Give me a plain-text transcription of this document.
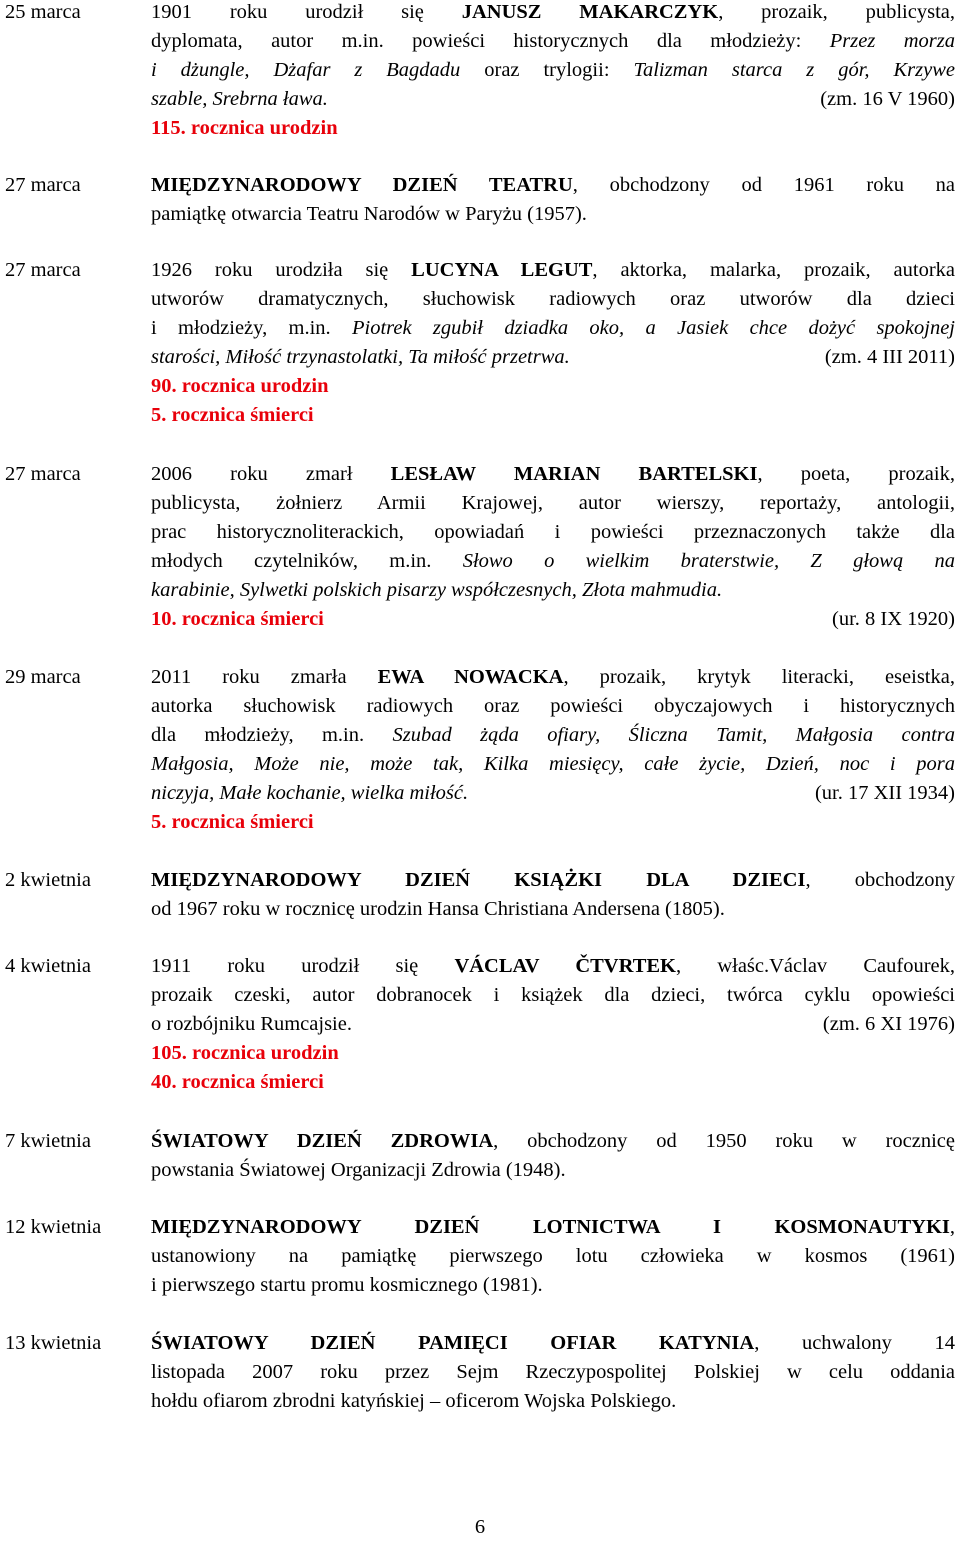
25 marca	1901 roku urodził się JANUSZ MAKARCZYK, prozaik, publicysta,
dyplomata, autor m.in. powieści historycznych dla młodzieży: Przez morza
i dżungle, Dżafar z Bagdadu oraz trylogii: Talizman starca z gór, Krzywe
szable, Srebrna ława.	(zm. 16 V 1960)
115. rocznica urodzin
27 marca	MIĘDZYNARODOWY DZIEŃ TEATRU, obchodzony od 1961 roku na
pamiątkę otwarcia Teatru Narodów w Paryżu (1957).
27 marca	1926 roku urodziła się LUCYNA LEGUT, aktorka, malarka, prozaik, autorka
utworów dramatycznych, słuchowisk radiowych oraz utworów dla dzieci
i młodzieży, m.in. Piotrek zgubił dziadka oko, a Jasiek chce dożyć spokojnej
starości, Miłość trzynastolatki, Ta miłość przetrwa.	(zm. 4 III 2011)
90. rocznica urodzin
5. rocznica śmierci
27 marca	2006 roku zmarł LESŁAW MARIAN BARTELSKI, poeta, prozaik,
publicysta, żołnierz Armii Krajowej, autor wierszy, reportaży, antologii,
prac historycznoliterackich, opowiadań i powieści przeznaczonych także dla
młodych czytelników, m.in. Słowo o wielkim braterstwie, Z głową na
karabinie, Sylwetki polskich pisarzy współczesnych, Złota mahmudia.
10. rocznica śmierci	(ur. 8 IX 1920)
29 marca	2011 roku zmarła EWA NOWACKA, prozaik, krytyk literacki, eseistka,
autorka słuchowisk radiowych oraz powieści obyczajowych i historycznych
dla młodzieży, m.in. Szubad żąda ofiary, Śliczna Tamit, Małgosia contra
Małgosia, Może nie, może tak, Kilka miesięcy, całe życie, Dzień, noc i pora
niczyja, Małe kochanie, wielka miłość.	(ur. 17 XII 1934)
5. rocznica śmierci
2 kwietnia	MIĘDZYNARODOWY DZIEŃ KSIĄŻKI DLA DZIECI, obchodzony
od 1967 roku w rocznicę urodzin Hansa Christiana Andersena (1805).
4 kwietnia	1911 roku urodził się VÁCLAV ČTVRTEK, właśc.Václav Caufourek,
prozaik czeski, autor dobranocek i książek dla dzieci, twórca cyklu opowieści
o rozbójniku Rumcajsie.	(zm. 6 XI 1976)
105. rocznica urodzin
40. rocznica śmierci
7 kwietnia	ŚWIATOWY DZIEŃ ZDROWIA, obchodzony od 1950 roku w rocznicę
powstania Światowej Organizacji Zdrowia (1948).
12 kwietnia MIĘDZYNARODOWY DZIEŃ LOTNICTWA I KOSMONAUTYKI,
ustanowiony na pamiątkę pierwszego lotu człowieka w kosmos (1961)
i pierwszego startu promu kosmicznego (1981).
13 kwietnia ŚWIATOWY DZIEŃ PAMIĘCI OFIAR KATYNIA, uchwalony 14
listopada 2007 roku przez Sejm Rzeczypospolitej Polskiej w celu oddania
hołdu ofiarom zbrodni katyńskiej – oficerom Wojska Polskiego.
6
